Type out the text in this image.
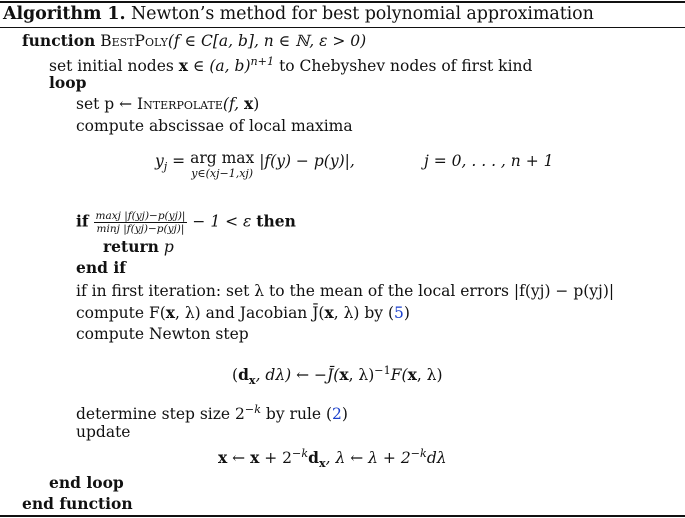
Algorithm 1. Newton’s method for best polynomial approximation
function BestPoly(f ∈ C[a, b], n ∈ ℕ, ε > 0)
set initial nodes x ∈ (a, b)$^{n+1}$ to Chebyshev nodes of first kind
loop
set p ← Interpolate(f, x)
compute abscissae of local maxima
$y_j$ = arg max
y∈(xj−1,xj)
|f(y) − p(y)|,	j = 0, . . . , n + 1
if $\frac{\max j |f(yj)-p(yj)|}{\min j |f(yj)-p(yj)|} - 1 < \varepsilon$ then
return p
end if
if in first iteration: set λ to the mean of the local errors |f(yj) − p(yj)|
compute F(x, λ) and Jacobian J̄(x, λ) by (5)
compute Newton step
($d_x$, dλ) ← −J̄(x, λ)$^{-1}$F(x, λ)
determine step size $2^{-k}$ by rule (2)
update
x ← $x + 2^{-k}d_x$, λ ← $\lambda + 2^{-k}d\lambda$
end loop
end function
